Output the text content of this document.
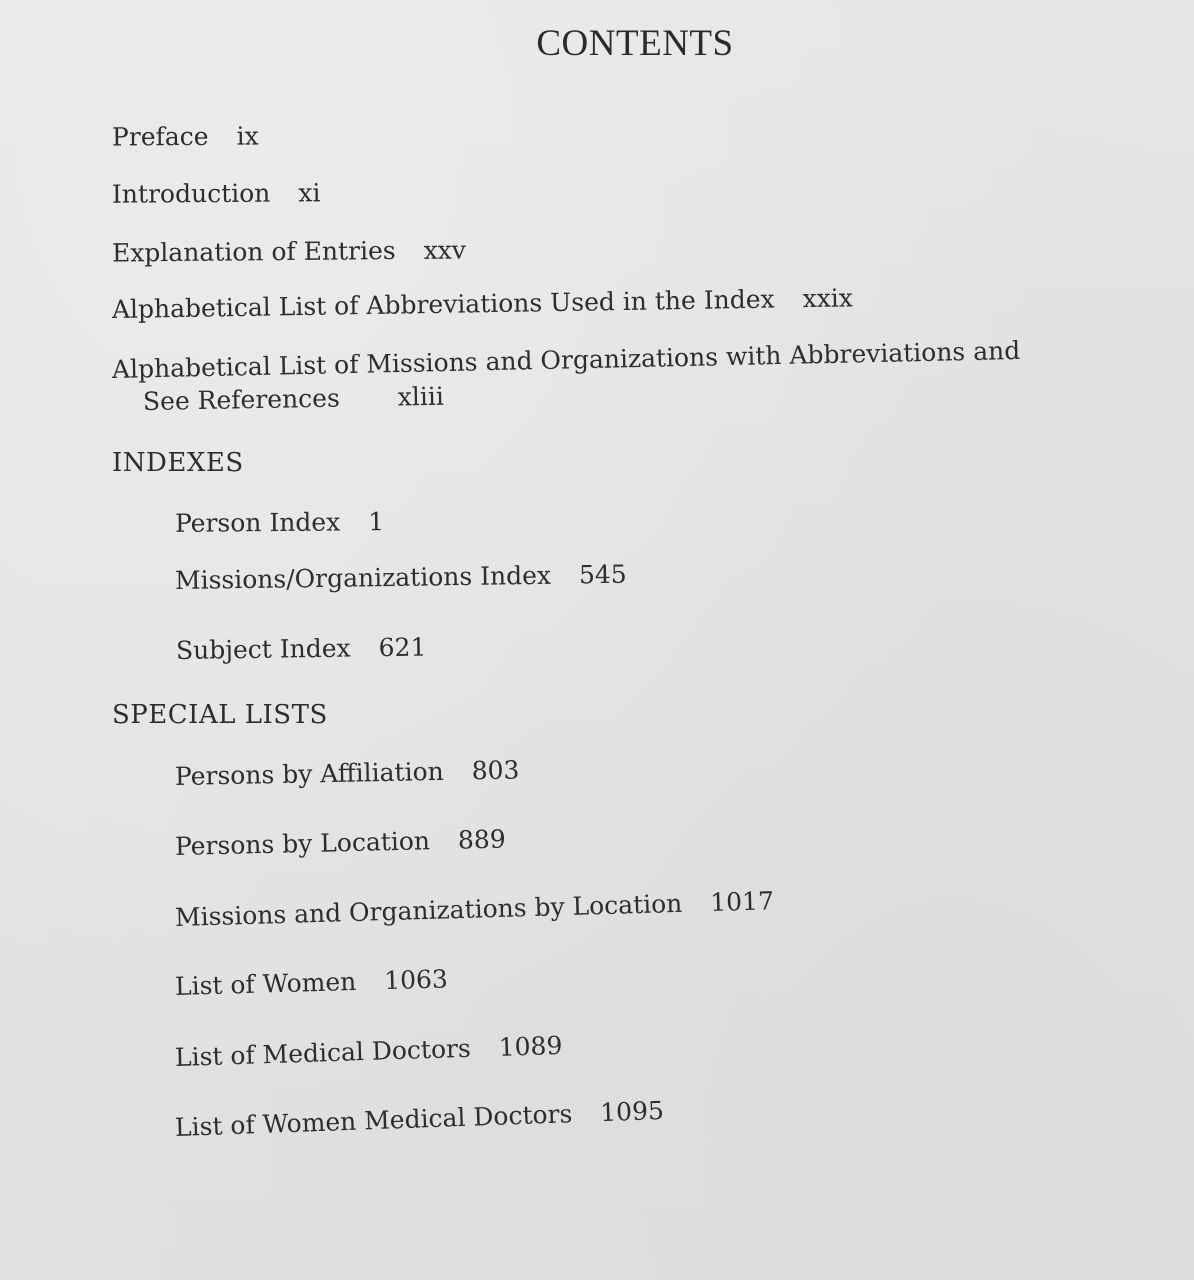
CONTENTS
Preface ix
Introduction xi
Explanation of Entries xxv
Alphabetical List of Abbreviations Used in the Index xxix
Alphabetical List of Missions and Organizations with Abbreviations and
See References xliii
INDEXES
Person Index 1
Missions/Organizations Index 545
Subject Index 621
SPECIAL LISTS
Persons by Affiliation 803
Persons by Location 889
Missions and Organizations by Location 1017
List of Women 1063
List of Medical Doctors 1089
List of Women Medical Doctors 1095
